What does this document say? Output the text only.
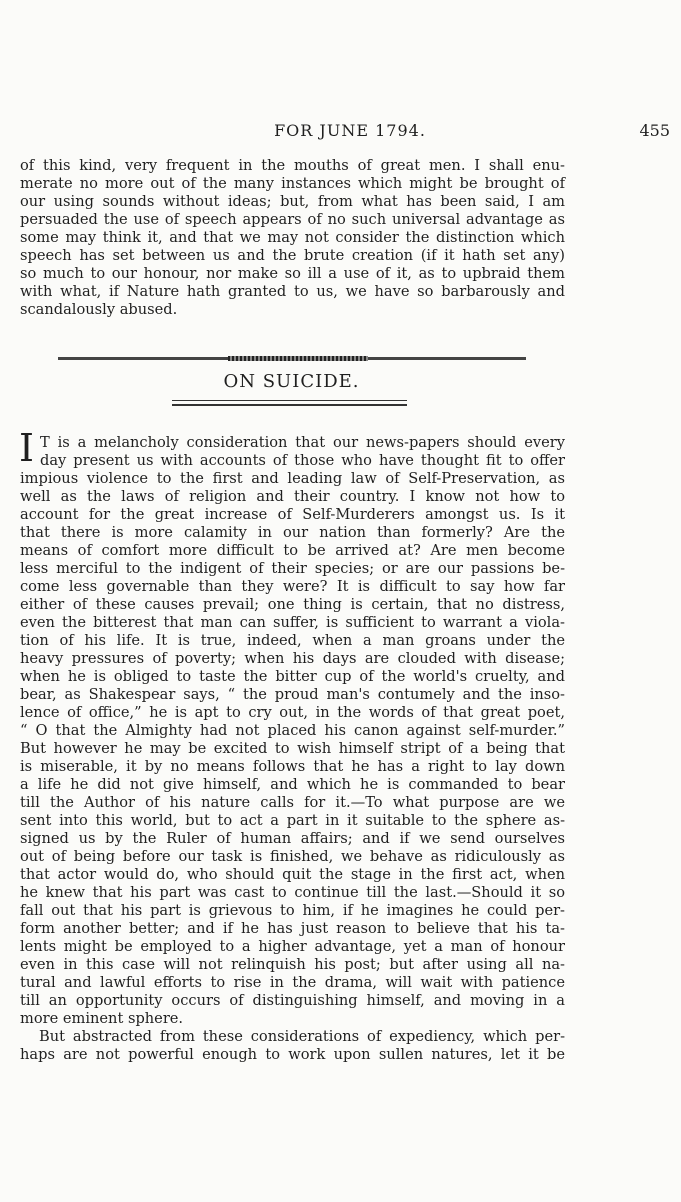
FOR JUNE 1794.	455
of this kind, very frequent in the mouths of great men. I shall enu-
merate no more out of the many instances which might be brought of
our using sounds without ideas; but, from what has been said, I am
persuaded the use of speech appears of no such universal advantage as
some may think it, and that we may not consider the distinction which
speech has set between us and the brute creation (if it hath set any)
so much to our honour, nor make so ill a use of it, as to upbraid them
with what, if Nature hath granted to us, we have so barbarously and
scandalously abused.
ON SUICIDE.
I T is a melancholy consideration that our news-papers should every
day present us with accounts of those who have thought fit to offer
impious violence to the first and leading law of Self-Preservation, as
well as the laws of religion and their country. I know not how to
account for the great increase of Self-Murderers amongst us. Is it
that there is more calamity in our nation than formerly? Are the
means of comfort more difficult to be arrived at? Are men become
less merciful to the indigent of their species; or are our passions be-
come less governable than they were? It is difficult to say how far
either of these causes prevail; one thing is certain, that no distress,
even the bitterest that man can suffer, is sufficient to warrant a viola-
tion of his life. It is true, indeed, when a man groans under the
heavy pressures of poverty; when his days are clouded with disease;
when he is obliged to taste the bitter cup of the world's cruelty, and
bear, as Shakespear says, “ the proud man's contumely and the inso-
lence of office,” he is apt to cry out, in the words of that great poet,
“ O that the Almighty had not placed his canon against self-murder.”
But however he may be excited to wish himself stript of a being that
is miserable, it by no means follows that he has a right to lay down
a life he did not give himself, and which he is commanded to bear
till the Author of his nature calls for it.—To what purpose are we
sent into this world, but to act a part in it suitable to the sphere as-
signed us by the Ruler of human affairs; and if we send ourselves
out of being before our task is finished, we behave as ridiculously as
that actor would do, who should quit the stage in the first act, when
he knew that his part was cast to continue till the last.—Should it so
fall out that his part is grievous to him, if he imagines he could per-
form another better; and if he has just reason to believe that his ta-
lents might be employed to a higher advantage, yet a man of honour
even in this case will not relinquish his post; but after using all na-
tural and lawful efforts to rise in the drama, will wait with patience
till an opportunity occurs of distinguishing himself, and moving in a
more eminent sphere.
But abstracted from these considerations of expediency, which per-
haps are not powerful enough to work upon sullen natures, let it be
